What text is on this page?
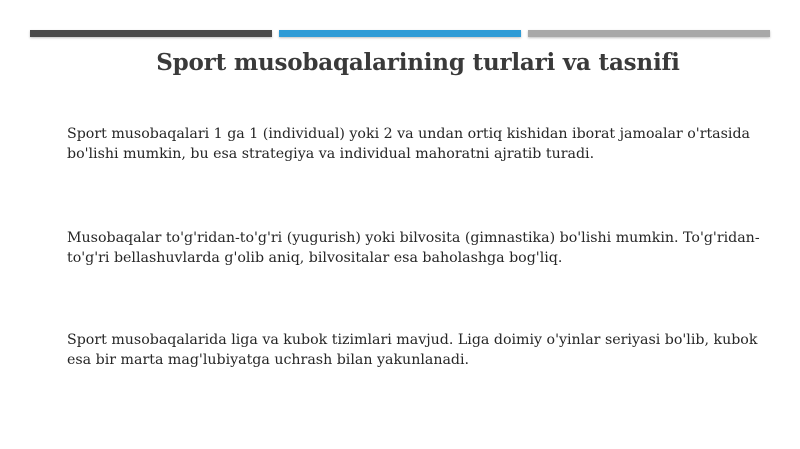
Sport musobaqalarining turlari va tasnifi

Sport musobaqalari 1 ga 1 (individual) yoki 2 va undan ortiq kishidan iborat jamoalar o'rtasida bo'lishi mumkin, bu esa strategiya va individual mahoratni ajratib turadi.

Musobaqalar to'g'ridan-to'g'ri (yugurish) yoki bilvosita (gimnastika) bo'lishi mumkin. To'g'ridan-to'g'ri bellashuvlarda g'olib aniq, bilvositalar esa baholashga bog'liq.

Sport musobaqalarida liga va kubok tizimlari mavjud. Liga doimiy o'yinlar seriyasi bo'lib, kubok esa bir marta mag'lubiyatga uchrash bilan yakunlanadi.
